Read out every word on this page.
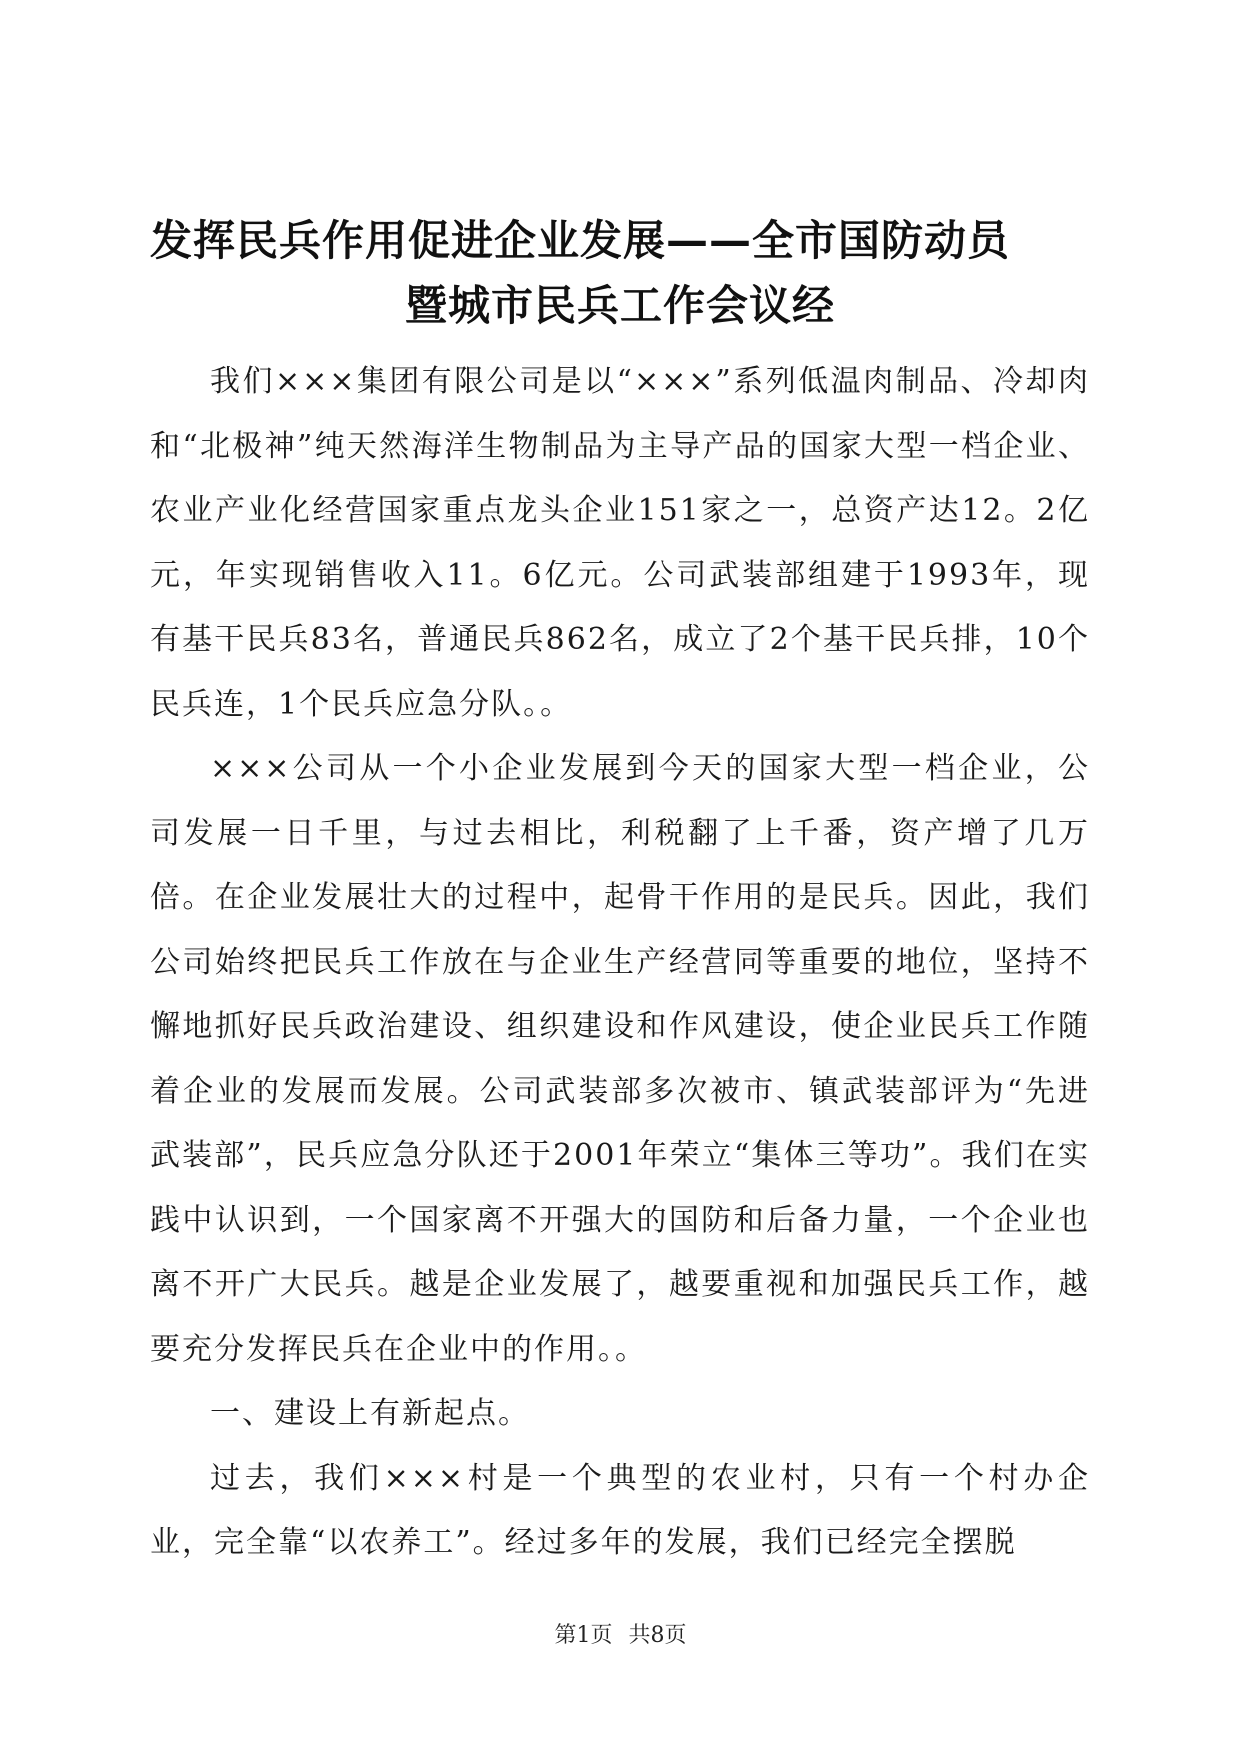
发挥民兵作用促进企业发展——全市国防动员
暨城市民兵工作会议经

我们×××集团有限公司是以“×××”系列低温肉制品、冷却肉和“北极神”纯天然海洋生物制品为主导产品的国家大型一档企业、农业产业化经营国家重点龙头企业151家之一，总资产达12。2亿元，年实现销售收入11。6亿元。公司武装部组建于1993年，现有基干民兵83名，普通民兵862名，成立了2个基干民兵排，10个民兵连，1个民兵应急分队。。

×××公司从一个小企业发展到今天的国家大型一档企业，公司发展一日千里，与过去相比，利税翻了上千番，资产增了几万倍。在企业发展壮大的过程中，起骨干作用的是民兵。因此，我们公司始终把民兵工作放在与企业生产经营同等重要的地位，坚持不懈地抓好民兵政治建设、组织建设和作风建设，使企业民兵工作随着企业的发展而发展。公司武装部多次被市、镇武装部评为“先进武装部”，民兵应急分队还于2001年荣立“集体三等功”。我们在实践中认识到，一个国家离不开强大的国防和后备力量，一个企业也离不开广大民兵。越是企业发展了，越要重视和加强民兵工作，越要充分发挥民兵在企业中的作用。。

一、建设上有新起点。

过去，我们×××村是一个典型的农业村，只有一个村办企业，完全靠“以农养工”。经过多年的发展，我们已经完全摆脱

第1页 共8页
